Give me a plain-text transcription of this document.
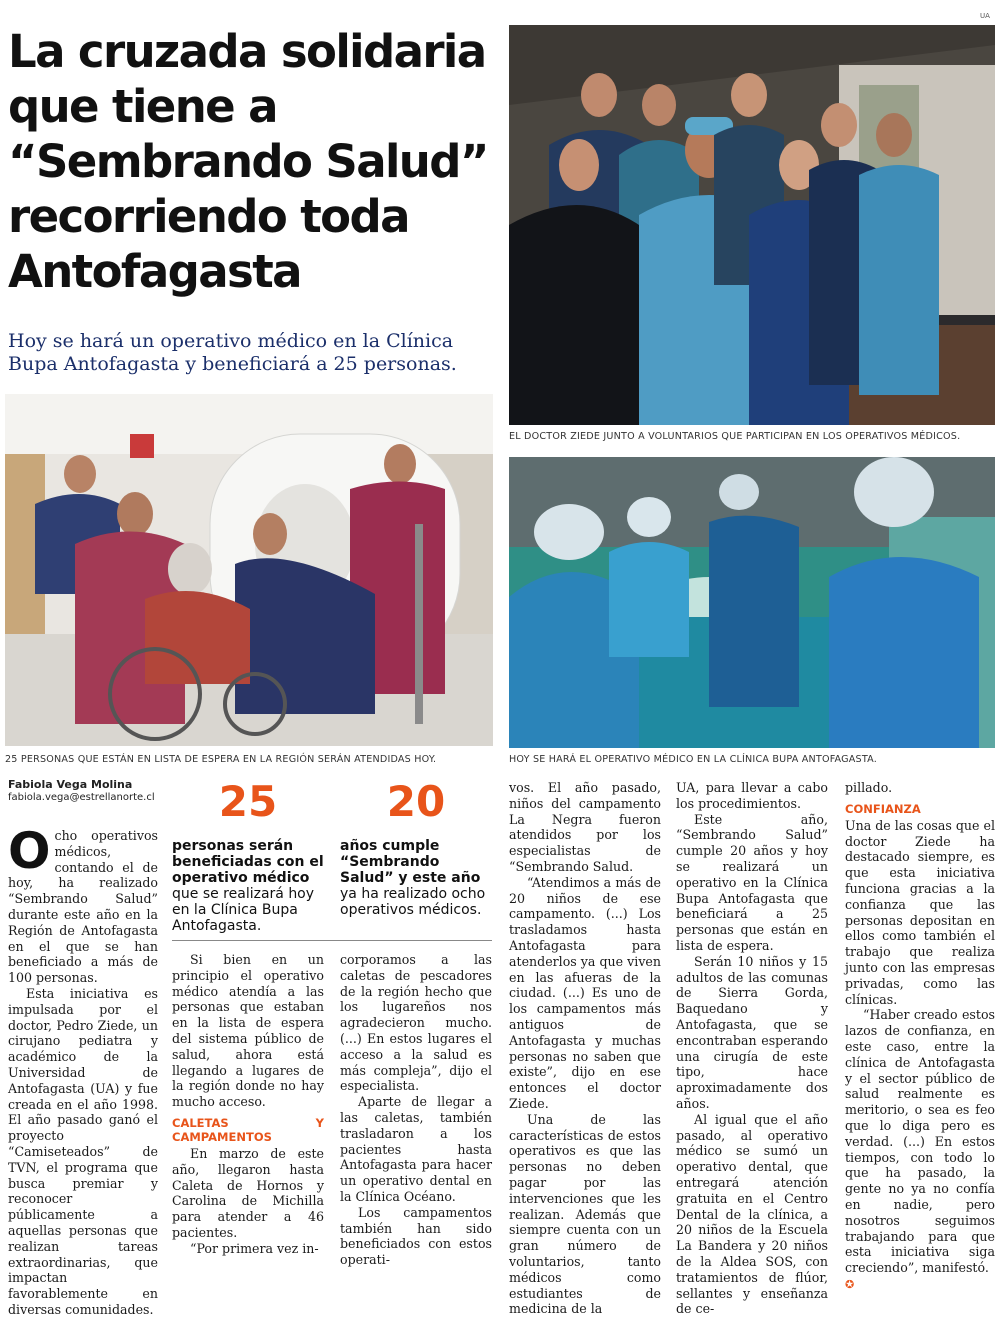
UA
La cruzada solidaria que tiene a “Sembrando Salud” recorriendo toda Antofagasta

Hoy se hará un operativo médico en la Clínica Bupa Antofagasta y beneficiará a 25 personas.

EL DOCTOR ZIEDE JUNTO A VOLUNTARIOS QUE PARTICIPAN EN LOS OPERATIVOS MÉDICOS.
25 PERSONAS QUE ESTÁN EN LISTA DE ESPERA EN LA REGIÓN SERÁN ATENDIDAS HOY.	HOY SE HARÁ EL OPERATIVO MÉDICO EN LA CLÍNICA BUPA ANTOFAGASTA.
Fabiola Vega Molina
fabiola.vega@estrellanorte.cl	25
personas serán beneficiadas con el operativo médico que se realizará hoy en la Clínica Bupa Antofagasta.
20
años cumple “Sembrando Salud” y este año ya ha realizado ocho operativos médicos.
O cho operativos médicos, contando el de hoy, ha realizado “Sembrando Salud” durante este año en la Región de Antofagasta en el que se han beneficiado a más de 100 personas.

Esta iniciativa es impulsada por el doctor, Pedro Ziede, un cirujano pediatra y académico de la Universidad de Antofagasta (UA) y fue creada en el año 1998. El año pasado ganó el proyecto “Camiseteados” de TVN, el programa que busca premiar y reconocer públicamente a aquellas personas que realizan tareas extraordinarias, que impactan favorablemente en diversas comunidades.

Si bien en un principio el operativo médico atendía a las personas que estaban en la lista de espera del sistema público de salud, ahora está llegando a lugares de la región donde no hay mucho acceso.

CALETAS Y CAMPAMENTOS

En marzo de este año, llegaron hasta Caleta de Hornos y Carolina de Michilla para atender a 46 pacientes.

“Por primera vez in-

corporamos a las caletas de pescadores de la región hecho que los lugareños nos agradecieron mucho. (...) En estos lugares el acceso a la salud es más compleja”, dijo el especialista.

Aparte de llegar a las caletas, también trasladaron a los pacientes hasta Antofagasta para hacer un operativo dental en la Clínica Océano.

Los campamentos también han sido beneficiados con estos operati-

vos. El año pasado, niños del campamento La Negra fueron atendidos por los especialistas de “Sembrando Salud.

“Atendimos a más de 20 niños de ese campamento. (...) Los trasladamos hasta Antofagasta para atenderlos ya que viven en las afueras de la ciudad. (...) Es uno de los campamentos más antiguos de Antofagasta y muchas personas no saben que existe”, dijo en ese entonces el doctor Ziede.

Una de las características de estos operativos es que las personas no deben pagar por las intervenciones que les realizan. Además que siempre cuenta con un gran número de voluntarios, tanto médicos como estudiantes de medicina de la

UA, para llevar a cabo los procedimientos.

Este año, “Sembrando Salud” cumple 20 años y hoy se realizará un operativo en la Clínica Bupa Antofagasta que beneficiará a 25 personas que están en lista de espera.

Serán 10 niños y 15 adultos de las comunas de Sierra Gorda, Baquedano y Antofagasta, que se encontraban esperando una cirugía de este tipo, hace aproximadamente dos años.

Al igual que el año pasado, al operativo médico se sumó un operativo dental, que entregará atención gratuita en el Centro Dental de la clínica, a 20 niños de la Escuela La Bandera y 20 niños de la Aldea SOS, con tratamientos de flúor, sellantes y enseñanza de ce-

pillado.

CONFIANZA

Una de las cosas que el doctor Ziede ha destacado siempre, es que esta iniciativa funciona gracias a la confianza que las personas depositan en ellos como también el trabajo que realiza junto con las empresas privadas, como las clínicas.

“Haber creado estos lazos de confianza, en este caso, entre la clínica de Antofagasta y el sector público de salud realmente es meritorio, o sea es feo que lo diga pero es verdad. (...) En estos tiempos, con todo lo que ha pasado, la gente no ya no confía en nadie, pero nosotros seguimos trabajando para que esta iniciativa siga creciendo”, manifestó.

✪
